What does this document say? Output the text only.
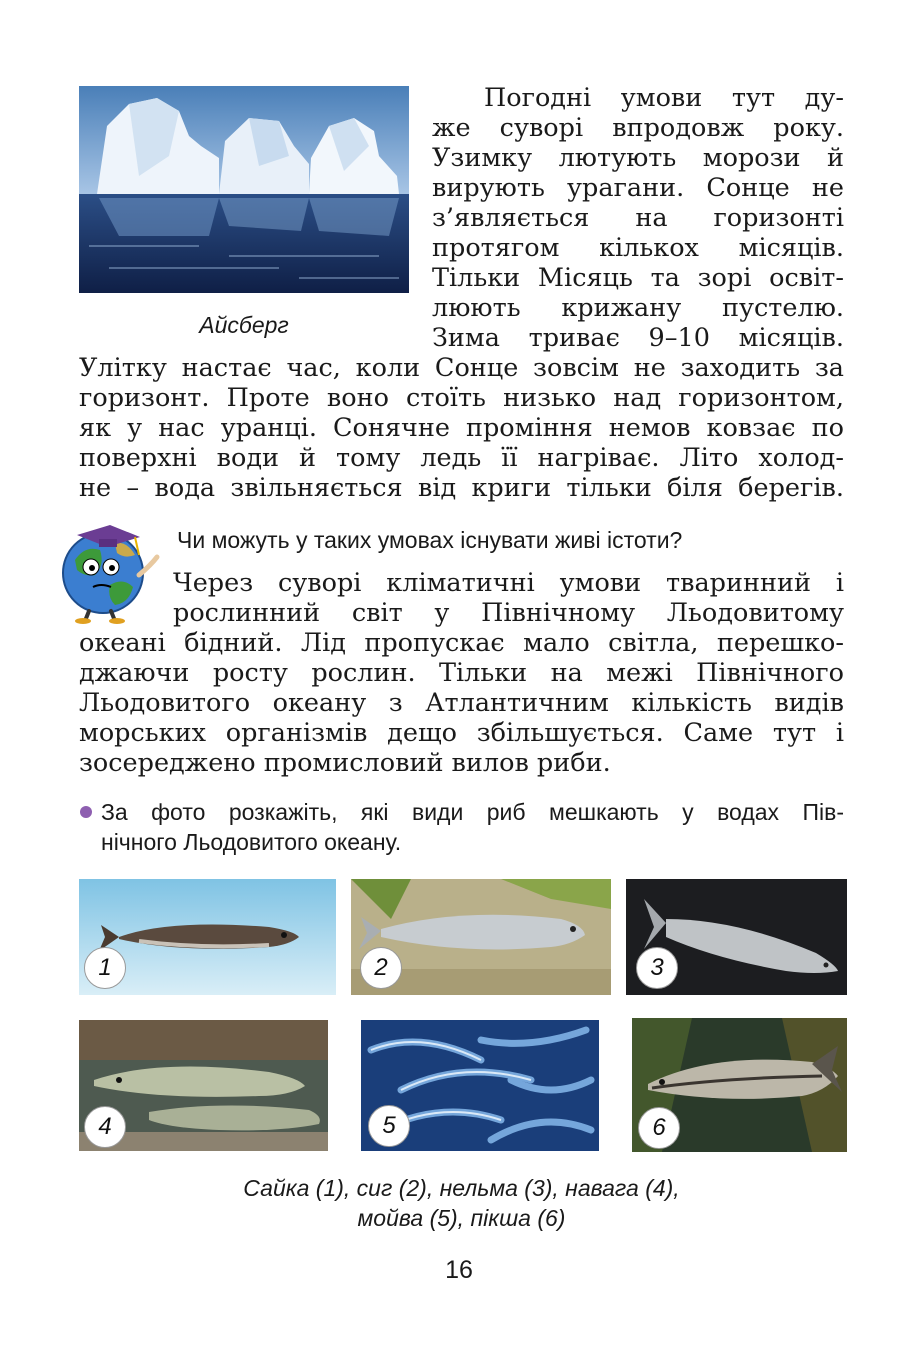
Айсберг
Погодні умови тут ду-
же суворі впродовж року.
Узимку лютують морози й
вирують урагани. Сонце не
з’являється на горизонті
протягом кількох місяців.
Тільки Місяць та зорі освіт-
люють крижану пустелю.
Зима триває 9–10 місяців.
Улітку настає час, коли Сонце зовсім не заходить за
горизонт. Проте воно стоїть низько над горизонтом,
як у нас уранці. Сонячне проміння немов ковзає по
поверхні води й тому ледь її нагріває. Літо холод-
не – вода звільняється від криги тільки біля берегів.
Чи можуть у таких умовах існувати живі істоти?
Через суворі кліматичні умови тваринний і
рослинний світ у Північному Льодовитому
океані бідний. Лід пропускає мало світла, перешко-
джаючи росту рослин. Тільки на межі Північного
Льодовитого океану з Атлантичним кількість видів
морських організмів дещо збільшується. Саме тут і
зосереджено промисловий вилов риби.
За фото розкажіть, які види риб мешкають у водах Пів-
нічного Льодовитого океану.
1	2	3
4	5	6
Сайка (1), сиг (2), нельма (3), навага (4),
мойва (5), пікша (6)
16
